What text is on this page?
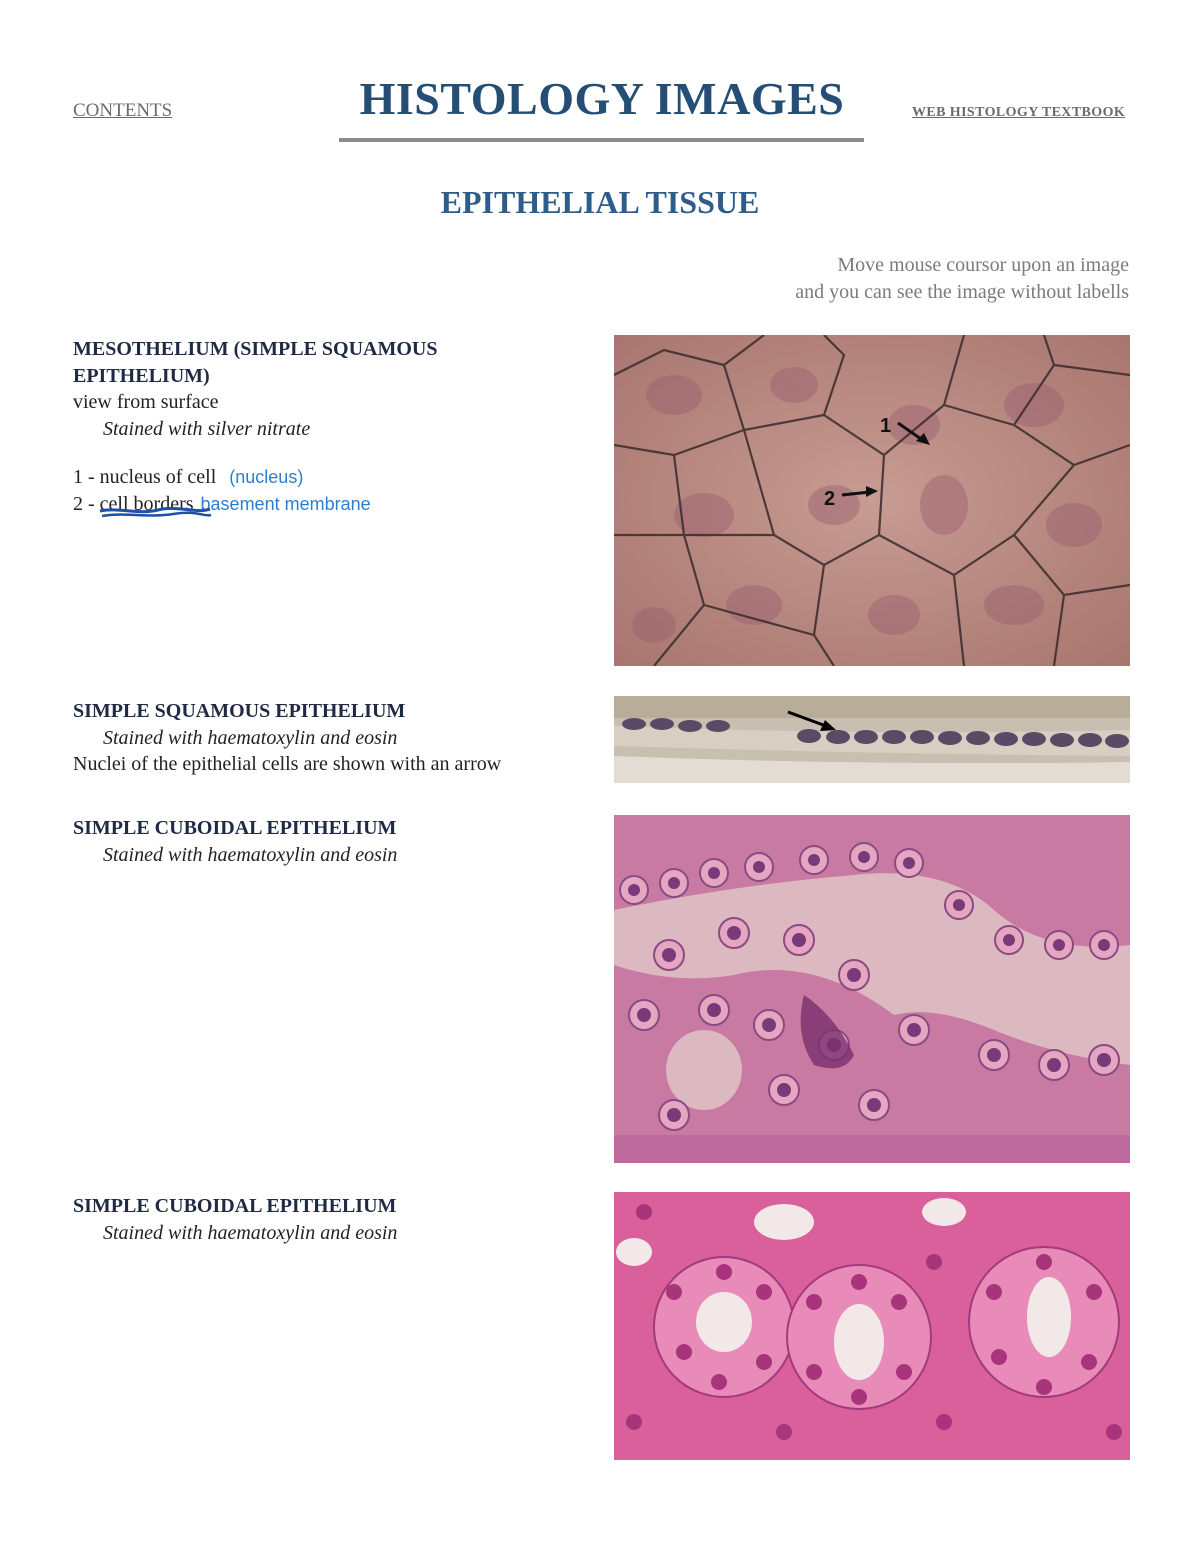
CONTENTS	HISTOLOGY IMAGES	WEB HISTOLOGY TEXTBOOK
EPITHELIAL TISSUE
Move mouse coursor upon an image
and you can see the image without labells
MESOTHELIUM (SIMPLE SQUAMOUS
EPITHELIUM)
view from surface
Stained with silver nitrate
1 - nucleus of cell (nucleus)
2 - cell borders basement membrane
1
2
SIMPLE SQUAMOUS EPITHELIUM
Stained with haematoxylin and eosin
Nuclei of the epithelial cells are shown with an arrow
SIMPLE CUBOIDAL EPITHELIUM
Stained with haematoxylin and eosin
SIMPLE CUBOIDAL EPITHELIUM
Stained with haematoxylin and eosin
